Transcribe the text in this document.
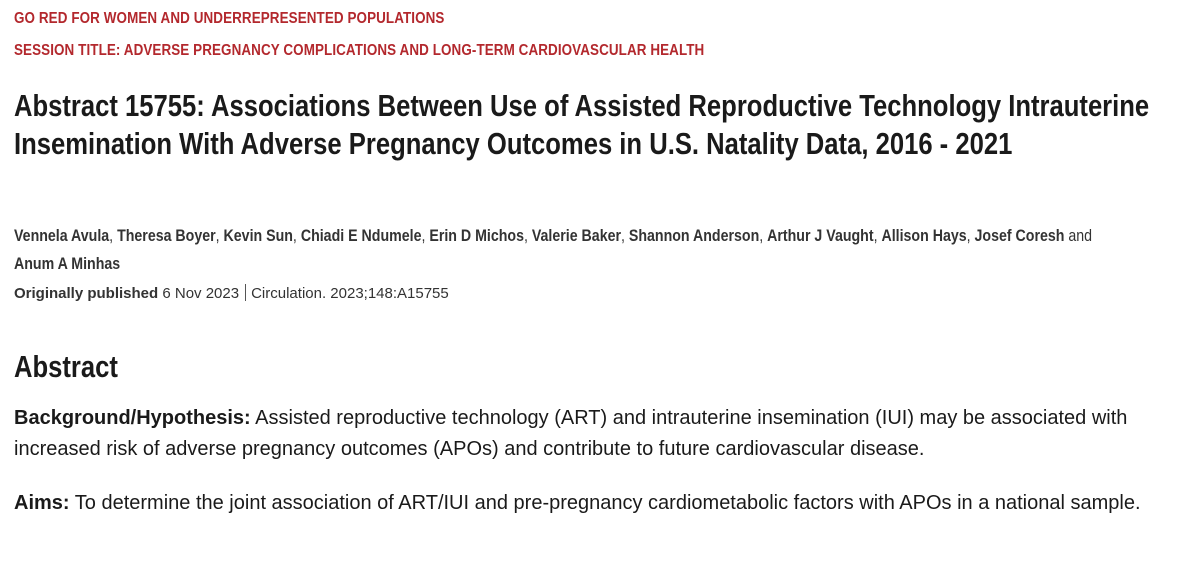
GO RED FOR WOMEN AND UNDERREPRESENTED POPULATIONS
SESSION TITLE: ADVERSE PREGNANCY COMPLICATIONS AND LONG-TERM CARDIOVASCULAR HEALTH
Abstract 15755: Associations Between Use of Assisted Reproductive Technology Intrauterine Insemination With Adverse Pregnancy Outcomes in U.S. Natality Data, 2016 - 2021
Vennela Avula, Theresa Boyer, Kevin Sun, Chiadi E Ndumele, Erin D Michos, Valerie Baker, Shannon Anderson, Arthur J Vaught, Allison Hays, Josef Coresh and Anum A Minhas
Originally published 6 Nov 2023 Circulation. 2023;148:A15755
Abstract

Background/Hypothesis: Assisted reproductive technology (ART) and intrauterine insemination (IUI) may be associated with increased risk of adverse pregnancy outcomes (APOs) and contribute to future cardiovascular disease.

Aims: To determine the joint association of ART/IUI and pre-pregnancy cardiometabolic factors with APOs in a national sample.
